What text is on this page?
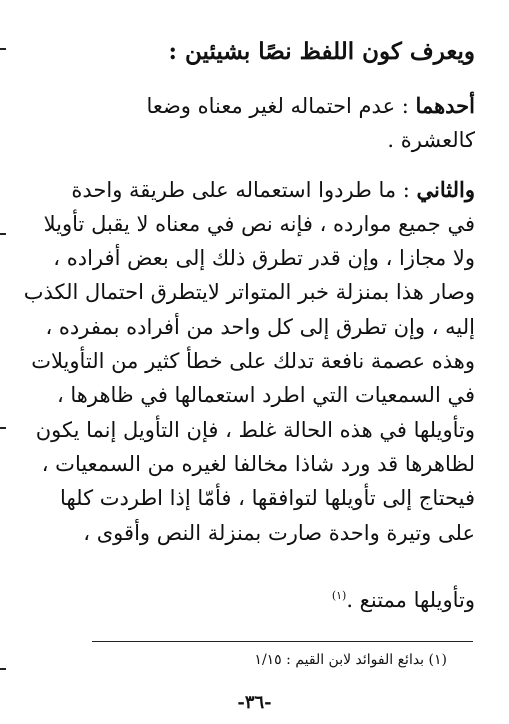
ويعرف كون اللفظ نصًا بشيئين :
أحدهما : عدم احتماله لغير معناه وضعا
كالعشرة .
والثاني : ما طردوا استعماله على طريقة واحدة
في جميع موارده ، فإنه نص في معناه لا يقبل تأويلا
ولا مجازا ، وإن قدر تطرق ذلك إلى بعض أفراده ،
وصار هذا بمنزلة خبر المتواتر لايتطرق احتمال الكذب
إليه ، وإن تطرق إلى كل واحد من أفراده بمفرده ،
وهذه عصمة نافعة تدلك على خطأ كثير من التأويلات
في السمعيات التي اطرد استعمالها في ظاهرها ،
وتأويلها في هذه الحالة غلط ، فإن التأويل إنما يكون
لظاهرها قد ورد شاذا مخالفا لغيره من السمعيات ،
فيحتاج إلى تأويلها لتوافقها ، فأمّا إذا اطردت كلها
على وتيرة واحدة صارت بمنزلة النص وأقوى ،
وتأويلها ممتنع .$^{(١)}$
(١) بدائع الفوائد لابن القيم : ١/١٥
-٣٦-
